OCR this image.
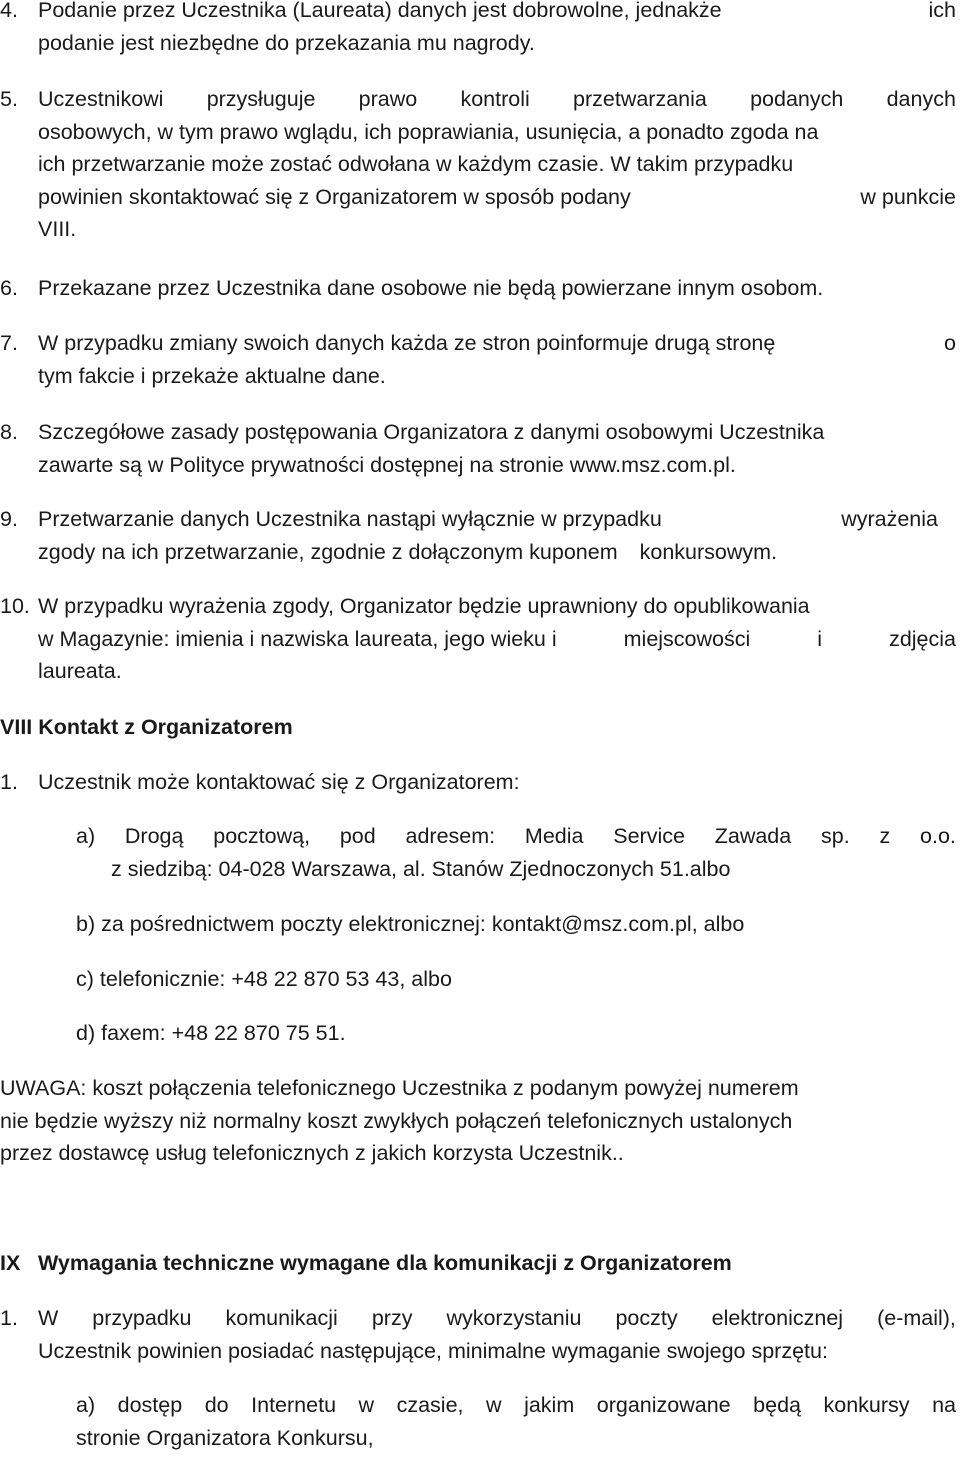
4. Podanie przez Uczestnika (Laureata) danych jest dobrowolne, jednakże	ich
podanie jest niezbędne do przekazania mu nagrody.
5. Uczestnikowi przysługuje prawo kontroli przetwarzania podanych danych
osobowych, w tym prawo wglądu, ich poprawiania, usunięcia, a ponadto zgoda na
ich przetwarzanie może zostać odwołana w każdym czasie. W takim przypadku
powinien skontaktować się z Organizatorem w sposób podany	w punkcie
VIII.
6. Przekazane przez Uczestnika dane osobowe nie będą powierzane innym osobom.
7. W przypadku zmiany swoich danych każda ze stron poinformuje drugą stronę	o
tym fakcie i przekaże aktualne dane.
8. Szczegółowe zasady postępowania Organizatora z danymi osobowymi Uczestnika
zawarte są w Polityce prywatności dostępnej na stronie www.msz.com.pl.
9. Przetwarzanie danych Uczestnika nastąpi wyłącznie w przypadku	wyrażenia
zgody na ich przetwarzanie, zgodnie z dołączonym kuponem konkursowym.
10. W przypadku wyrażenia zgody, Organizator będzie uprawniony do opublikowania
w Magazynie: imienia i nazwiska laureata, jego wieku i	miejscowości	i	zdjęcia
laureata.
VIII Kontakt z Organizatorem
1. Uczestnik może kontaktować się z Organizatorem:
a) Drogą pocztową, pod adresem: Media Service Zawada sp. z o.o.
z siedzibą: 04-028 Warszawa, al. Stanów Zjednoczonych 51.albo
b) za pośrednictwem poczty elektronicznej: kontakt@msz.com.pl, albo
c) telefonicznie: +48 22 870 53 43, albo
d) faxem: +48 22 870 75 51.
UWAGA: koszt połączenia telefonicznego Uczestnika z podanym powyżej numerem
nie będzie wyższy niż normalny koszt zwykłych połączeń telefonicznych ustalonych
przez dostawcę usług telefonicznych z jakich korzysta Uczestnik..
IX Wymagania techniczne wymagane dla komunikacji z Organizatorem
1. W przypadku komunikacji przy wykorzystaniu poczty elektronicznej (e-mail),
Uczestnik powinien posiadać następujące, minimalne wymaganie swojego sprzętu:
a) dostęp do Internetu w czasie, w jakim organizowane będą konkursy na
stronie Organizatora Konkursu,
